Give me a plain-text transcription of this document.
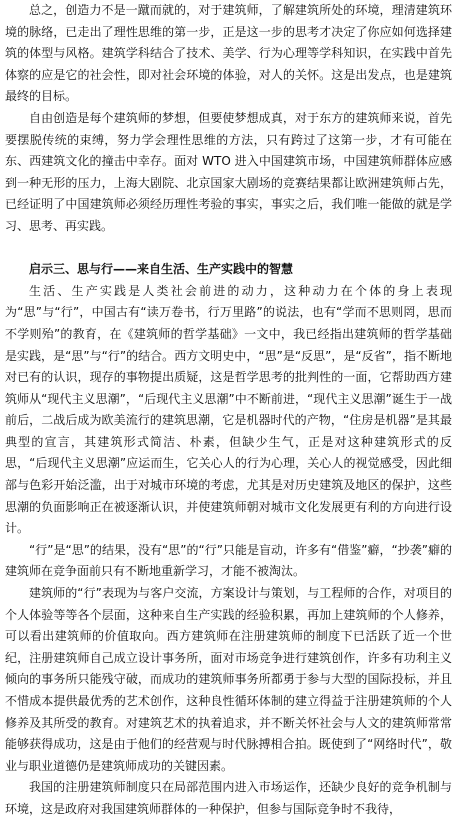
总之，创造力不是一蹴而就的，对于建筑师，了解建筑所处的环境，理清建筑环境的脉络，已走出了理性思维的第一步，正是这一步的思考才决定了你应如何选择建筑的体型与风格。建筑学科结合了技术、美学、行为心理等学科知识，在实践中首先体察的应是它的社会性，即对社会环境的体验，对人的关怀。这是出发点，也是建筑最终的目标。

自由创造是每个建筑师的梦想，但要使梦想成真，对于东方的建筑师来说，首先要摆脱传统的束缚，努力学会理性思维的方法，只有跨过了这第一步，才有可能在东、西建筑文化的撞击中幸存。面对 WTO 进入中国建筑市场，中国建筑师群体应感到一种无形的压力，上海大剧院、北京国家大剧场的竞赛结果都让欧洲建筑师占先，已经证明了中国建筑师必须经历理性考验的事实，事实之后，我们唯一能做的就是学习、思考、再实践。

启示三、思与行——来自生活、生产实践中的智慧

生活、生产实践是人类社会前进的动力，这种动力在个体的身上表现为“思”与“行”，中国古有“读万卷书，行万里路”的说法，也有“学而不思则罔，思而不学则殆”的教育，在《建筑师的哲学基础》一文中，我已经指出建筑师的哲学基础是实践，是“思”与“行”的结合。西方文明史中，“思”是“反思”，是“反省”，指不断地对已有的认识，现存的事物提出质疑，这是哲学思考的批判性的一面，它帮助西方建筑师从“现代主义思潮”，“后现代主义思潮”中不断前进，“现代主义思潮”诞生于一战前后，二战后成为欧美流行的建筑思潮，它是机器时代的产物，“住房是机器”是其最典型的宣言，其建筑形式简洁、朴素，但缺少生气，正是对这种建筑形式的反思，“后现代主义思潮”应运而生，它关心人的行为心理，关心人的视觉感受，因此细部与色彩开始泛滥，出于对城市环境的考虑，尤其是对历史建筑及地区的保护，这些思潮的负面影响正在被逐渐认识，并使建筑师朝对城市文化发展更有利的方向进行设计。

“行”是“思”的结果，没有“思”的“行”只能是盲动，许多有“借鉴”癖，“抄袭”癖的建筑师在竞争面前只有不断地重新学习，才能不被淘汰。

建筑师的“行”表现为与客户交流，方案设计与策划，与工程师的合作，对项目的个人体验等等各个层面，这种来自生产实践的经验积累，再加上建筑师的个人修养，可以看出建筑师的价值取向。西方建筑师在注册建筑师的制度下已活跃了近一个世纪，注册建筑师自己成立设计事务所，面对市场竞争进行建筑创作，许多有功利主义倾向的事务所只能残守破，而成功的建筑师事务所都勇于参与大型的国际投标，并且不惜成本提供最优秀的艺术创作，这种良性循环体制的建立得益于注册建筑师的个人修养及其所受的教育。对建筑艺术的执着追求，并不断关怀社会与人文的建筑师常常能够获得成功，这是由于他们的经营观与时代脉搏相合拍。既使到了“网络时代”，敬业与职业道德仍是建筑师成功的关键因素。

我国的注册建筑师制度只在局部范围内进入市场运作，还缺少良好的竞争机制与环境，这是政府对我国建筑师群体的一种保护，但参与国际竞争时不我待，
